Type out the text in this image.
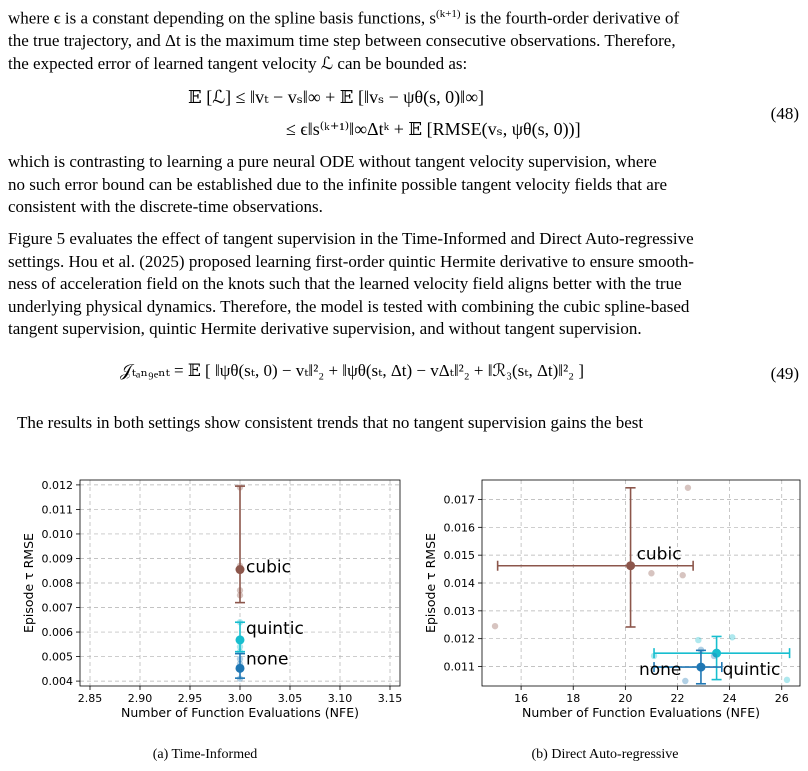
where ϵ is a constant depending on the spline basis functions, $s^{(k+1)}$ is the fourth-order derivative of
the true trajectory, and Δt is the maximum time step between consecutive observations. Therefore,
the expected error of learned tangent velocity ℒ can be bounded as:
𝔼 [ℒ] ≤ ‖vₜ − vₛ‖∞ + 𝔼 [‖vₛ − ψθ(s, 0)‖∞]
≤ ϵ‖s⁽ᵏ⁺¹⁾‖∞Δtᵏ + 𝔼 [RMSE(vₛ, ψθ(s, 0))]
(48)
which is contrasting to learning a pure neural ODE without tangent velocity supervision, where
no such error bound can be established due to the infinite possible tangent velocity fields that are
consistent with the discrete-time observations.
Figure 5 evaluates the effect of tangent supervision in the Time-Informed and Direct Auto-regressive
settings. Hou et al. (2025) proposed learning first-order quintic Hermite derivative to ensure smooth-
ness of acceleration field on the knots such that the learned velocity field aligns better with the true
underlying physical dynamics. Therefore, the model is tested with combining the cubic spline-based
tangent supervision, quintic Hermite derivative supervision, and without tangent supervision.
𝒥ₜₐₙ₉ₑₙₜ = 𝔼 [ ‖ψθ(sₜ, 0) − vₜ‖²₂ + ‖ψθ(sₜ, Δt) − vΔₜ‖²₂ + ‖ℛ₃(sₜ, Δt)‖²₂ ]	(49)
The results in both settings show consistent trends that no tangent supervision gains the best
2.85 2.90 2.95 3.00 3.05 3.10 3.15
0.004
0.005
0.006
0.007
0.008
0.009
0.010
0.011
0.012
Number of Function Evaluations (NFE)
Episode τ RMSE	cubic
quintic
none
(a) Time-Informed
16	18	20	22	24	26
0.011
0.012
0.013
0.014
0.015
0.016
0.017
Number of Function Evaluations (NFE)
Episode τ RMSE	cubic
quintic
none
(b) Direct Auto-regressive
